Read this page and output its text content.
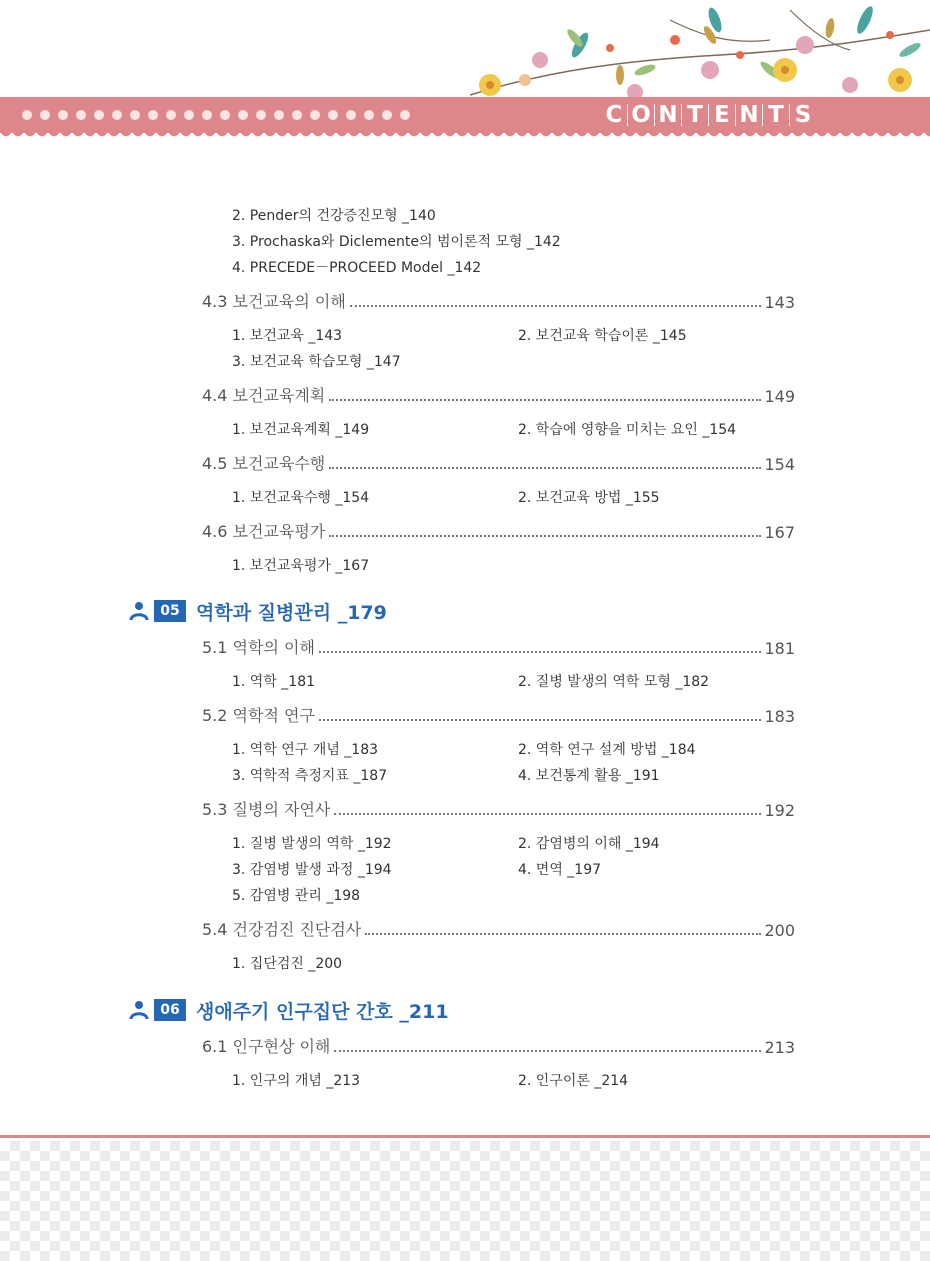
C O N T E N T S
2. Pender의 건강증진모형 _140
3. Prochaska와 Diclemente의 범이론적 모형 _142
4. PRECEDE－PROCEED Model _142
4.3 보건교육의 이해	143
1. 보건교육 _143	2. 보건교육 학습이론 _145
3. 보건교육 학습모형 _147
4.4 보건교육계획	149
1. 보건교육계획 _149	2. 학습에 영향을 미치는 요인 _154
4.5 보건교육수행	154
1. 보건교육수행 _154	2. 보건교육 방법 _155
4.6 보건교육평가	167
1. 보건교육평가 _167
05 역학과 질병관리 _179
5.1 역학의 이해	181
1. 역학 _181	2. 질병 발생의 역학 모형 _182
5.2 역학적 연구	183
1. 역학 연구 개념 _183	2. 역학 연구 설계 방법 _184
3. 역학적 측정지표 _187	4. 보건통계 활용 _191
5.3 질병의 자연사	192
1. 질병 발생의 역학 _192	2. 감염병의 이해 _194
3. 감염병 발생 과정 _194	4. 면역 _197
5. 감염병 관리 _198
5.4 건강검진 진단검사	200
1. 집단검진 _200
06 생애주기 인구집단 간호 _211
6.1 인구현상 이해	213
1. 인구의 개념 _213	2. 인구이론 _214
